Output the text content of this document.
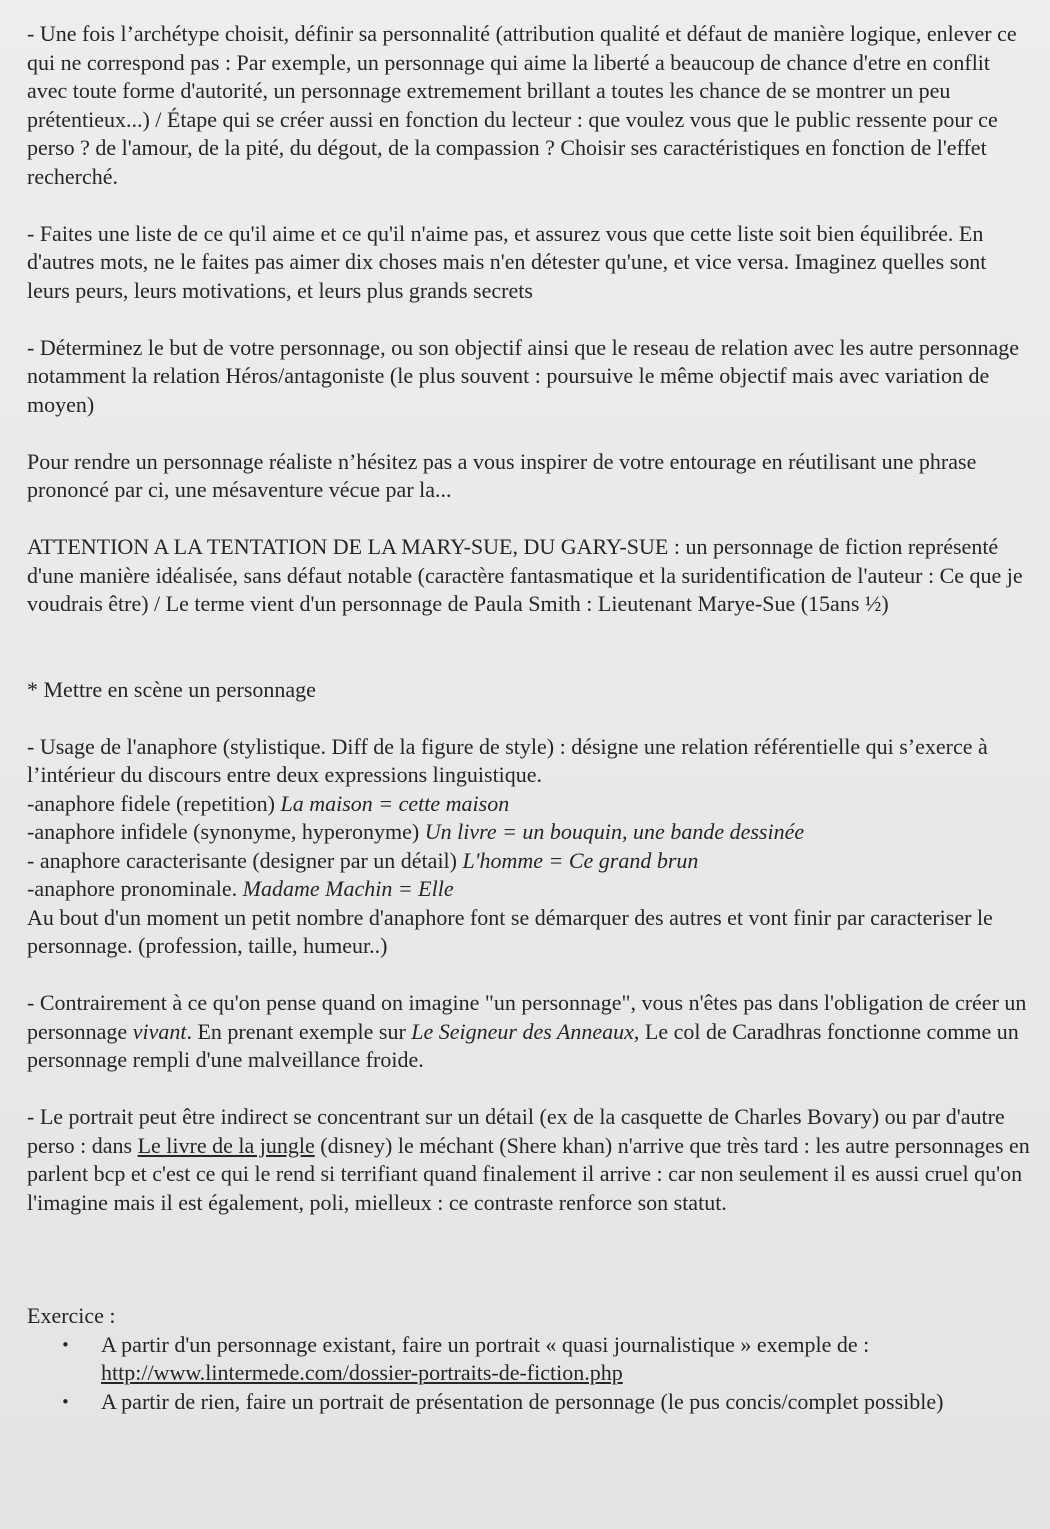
- Une fois l’archétype choisit, définir sa personnalité (attribution qualité et défaut de manière logique, enlever ce qui ne correspond pas : Par exemple, un personnage qui aime la liberté a beaucoup de chance d'etre en conflit avec toute forme d'autorité, un personnage extremement brillant a toutes les chance de se montrer un peu prétentieux...) / Étape qui se créer aussi en fonction du lecteur : que voulez vous que le public ressente pour ce perso ? de l'amour, de la pité, du dégout, de la compassion ? Choisir ses caractéristiques en fonction de l'effet recherché.

- Faites une liste de ce qu'il aime et ce qu'il n'aime pas, et assurez vous que cette liste soit bien équilibrée. En d'autres mots, ne le faites pas aimer dix choses mais n'en détester qu'une, et vice versa. Imaginez quelles sont leurs peurs, leurs motivations, et leurs plus grands secrets

- Déterminez le but de votre personnage, ou son objectif ainsi que le reseau de relation avec les autre personnage notamment la relation Héros/antagoniste (le plus souvent : poursuive le même objectif mais avec variation de moyen)

Pour rendre un personnage réaliste n’hésitez pas a vous inspirer de votre entourage en réutilisant une phrase prononcé par ci, une mésaventure vécue par la...

ATTENTION A LA TENTATION DE LA MARY-SUE, DU GARY-SUE : un personnage de fiction représenté d'une manière idéalisée, sans défaut notable (caractère fantasmatique et la suridentification de l'auteur : Ce que je voudrais être) / Le terme vient d'un personnage de Paula Smith : Lieutenant Marye-Sue (15ans ½)

* Mettre en scène un personnage

- Usage de l'anaphore (stylistique. Diff de la figure de style) : désigne une relation référentielle qui s’exerce à l’intérieur du discours entre deux expressions linguistique.

-anaphore fidele (repetition) La maison = cette maison
-anaphore infidele (synonyme, hyperonyme) Un livre = un bouquin, une bande dessinée
- anaphore caracterisante (designer par un détail) L'homme = Ce grand brun
-anaphore pronominale. Madame Machin = Elle

Au bout d'un moment un petit nombre d'anaphore font se démarquer des autres et vont finir par caracteriser le personnage. (profession, taille, humeur..)

- Contrairement à ce qu'on pense quand on imagine "un personnage", vous n'êtes pas dans l'obligation de créer un personnage vivant. En prenant exemple sur Le Seigneur des Anneaux, Le col de Caradhras fonctionne comme un personnage rempli d'une malveillance froide.

- Le portrait peut être indirect se concentrant sur un détail (ex de la casquette de Charles Bovary) ou par d'autre perso : dans Le livre de la jungle (disney) le méchant (Shere khan) n'arrive que très tard : les autre personnages en parlent bcp et c'est ce qui le rend si terrifiant quand finalement il arrive : car non seulement il es aussi cruel qu'on l'imagine mais il est également, poli, mielleux : ce contraste renforce son statut.

Exercice :

• A partir d'un personnage existant, faire un portrait « quasi journalistique » exemple de : http://www.lintermede.com/dossier-portraits-de-fiction.php
• A partir de rien, faire un portrait de présentation de personnage (le pus concis/complet possible)
